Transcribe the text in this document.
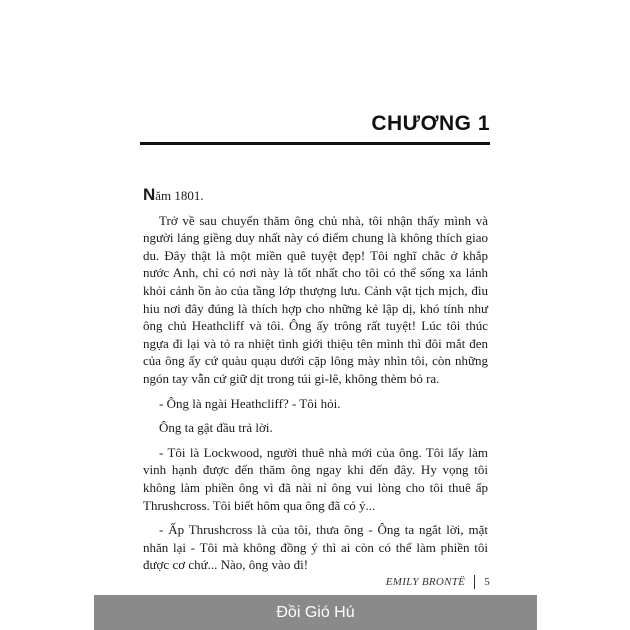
CHƯƠNG 1

Năm 1801.

Trở về sau chuyến thăm ông chủ nhà, tôi nhận thấy mình và người láng giềng duy nhất này có điểm chung là không thích giao du. Đây thật là một miền quê tuyệt đẹp! Tôi nghĩ chắc ở khắp nước Anh, chỉ có nơi này là tốt nhất cho tôi có thể sống xa lánh khỏi cảnh ồn ào của tầng lớp thượng lưu. Cảnh vật tịch mịch, đìu hiu nơi đây đúng là thích hợp cho những kẻ lập dị, khó tính như ông chủ Heathcliff và tôi. Ông ấy trông rất tuyệt! Lúc tôi thúc ngựa đi lại và tỏ ra nhiệt tình giới thiệu tên mình thì đôi mắt đen của ông ấy cứ quàu quạu dưới cặp lông mày nhìn tôi, còn những ngón tay vẫn cứ giữ dịt trong túi gi-lê, không thèm bỏ ra.

- Ông là ngài Heathcliff? - Tôi hỏi.

Ông ta gật đầu trả lời.

- Tôi là Lockwood, người thuê nhà mới của ông. Tôi lấy làm vinh hạnh được đến thăm ông ngay khi đến đây. Hy vọng tôi không làm phiền ông vì đã nài nỉ ông vui lòng cho tôi thuê ấp Thrushcross. Tôi biết hôm qua ông đã có ý...

- Ấp Thrushcross là của tôi, thưa ông - Ông ta ngắt lời, mặt nhăn lại - Tôi mà không đồng ý thì ai còn có thể làm phiền tôi được cơ chứ... Nào, ông vào đi!

EMILY BRONTË 5
Đồi Gió Hú
